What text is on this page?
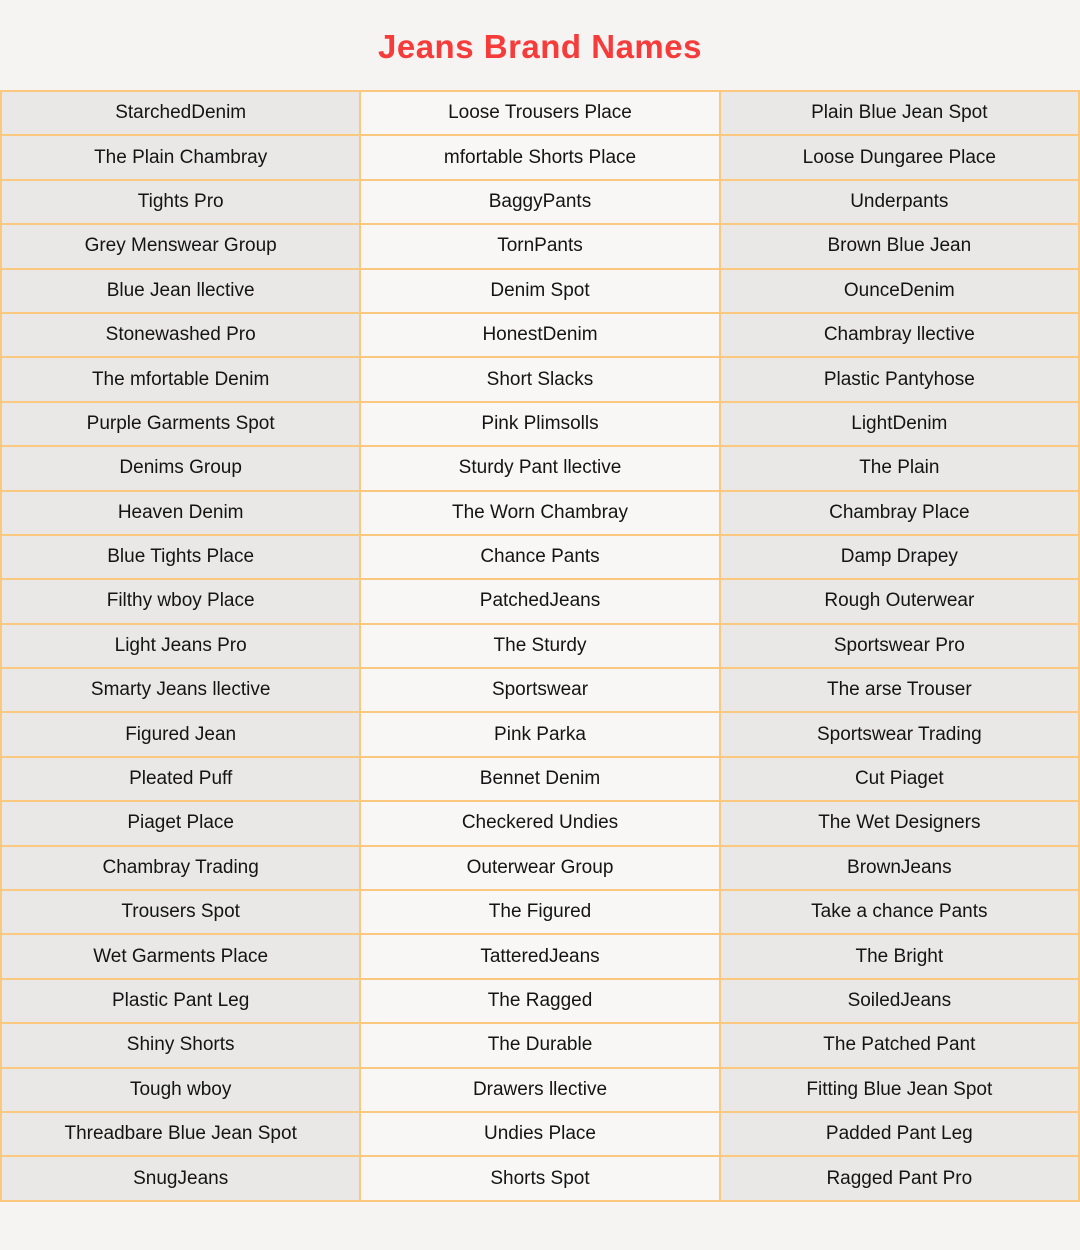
Jeans Brand Names
StarchedDenim	Loose Trousers Place	Plain Blue Jean Spot
The Plain Chambray	mfortable Shorts Place	Loose Dungaree Place
Tights Pro	BaggyPants	Underpants
Grey Menswear Group	TornPants	Brown Blue Jean
Blue Jean llective	Denim Spot	OunceDenim
Stonewashed Pro	HonestDenim	Chambray llective
The mfortable Denim	Short Slacks	Plastic Pantyhose
Purple Garments Spot	Pink Plimsolls	LightDenim
Denims Group	Sturdy Pant llective	The Plain
Heaven Denim	The Worn Chambray	Chambray Place
Blue Tights Place	Chance Pants	Damp Drapey
Filthy wboy Place	PatchedJeans	Rough Outerwear
Light Jeans Pro	The Sturdy	Sportswear Pro
Smarty Jeans llective	Sportswear	The arse Trouser
Figured Jean	Pink Parka	Sportswear Trading
Pleated Puff	Bennet Denim	Cut Piaget
Piaget Place	Checkered Undies	The Wet Designers
Chambray Trading	Outerwear Group	BrownJeans
Trousers Spot	The Figured	Take a chance Pants
Wet Garments Place	TatteredJeans	The Bright
Plastic Pant Leg	The Ragged	SoiledJeans
Shiny Shorts	The Durable	The Patched Pant
Tough wboy	Drawers llective	Fitting Blue Jean Spot
Threadbare Blue Jean Spot	Undies Place	Padded Pant Leg
SnugJeans	Shorts Spot	Ragged Pant Pro
